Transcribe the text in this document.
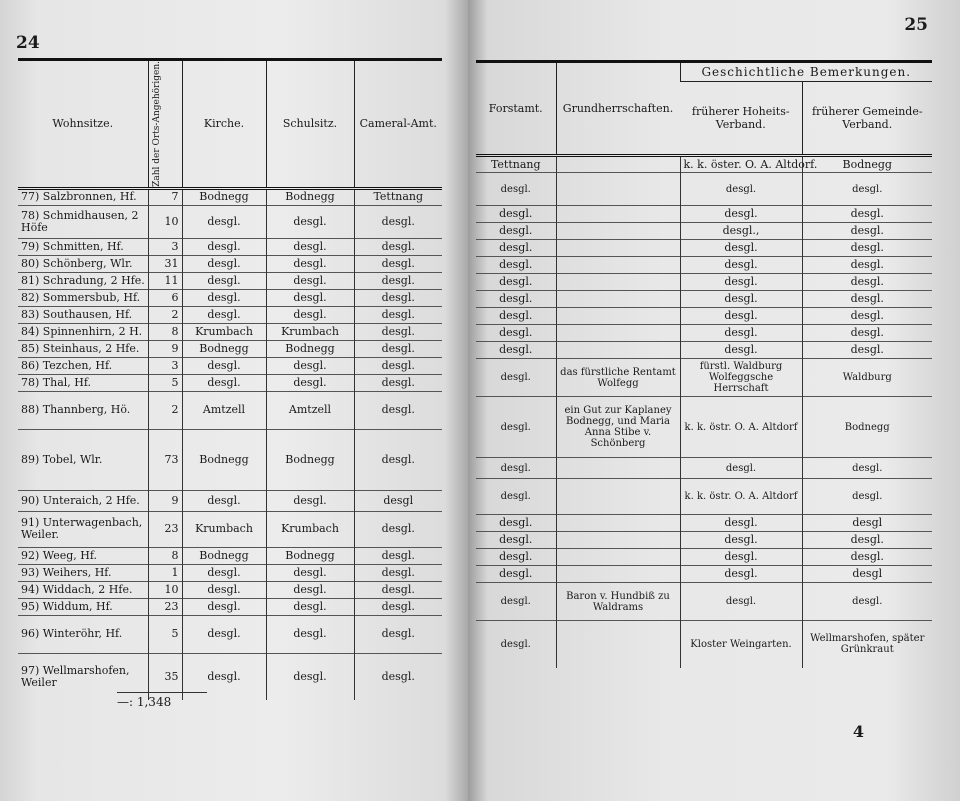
24
Wohnsitze.	Zahl der Orts-Angehörigen.	Kirche.	Schulsitz.	Cameral-Amt.
77) Salzbronnen, Hf.	7	Bodnegg	Bodnegg	Tettnang
78) Schmidhausen, 2 Höfe	10	desgl.	desgl.	desgl.
79) Schmitten, Hf.	3	desgl.	desgl.	desgl.
80) Schönberg, Wlr.	31	desgl.	desgl.	desgl.
81) Schradung, 2 Hfe.	11	desgl.	desgl.	desgl.
82) Sommersbub, Hf.	6	desgl.	desgl.	desgl.
83) Southausen, Hf.	2	desgl.	desgl.	desgl.
84) Spinnenhirn, 2 H.	8	Krumbach	Krumbach	desgl.
85) Steinhaus, 2 Hfe.	9	Bodnegg	Bodnegg	desgl.
86) Tezchen, Hf.	3	desgl.	desgl.	desgl.
78) Thal, Hf.	5	desgl.	desgl.	desgl.
88) Thannberg, Hö.	2	Amtzell	Amtzell	desgl.
89) Tobel, Wlr.	73	Bodnegg	Bodnegg	desgl.
90) Unteraich, 2 Hfe.	9	desgl.	desgl.	desgl
91) Unterwagenbach, Weiler.	23	Krumbach	Krumbach	desgl.
92) Weeg, Hf.	8	Bodnegg	Bodnegg	desgl.
93) Weihers, Hf.	1	desgl.	desgl.	desgl.
94) Widdach, 2 Hfe.	10	desgl.	desgl.	desgl.
95) Widdum, Hf.	23	desgl.	desgl.	desgl.
96) Winteröhr, Hf.	5	desgl.	desgl.	desgl.
97) Wellmarshofen, Weiler	35	desgl.	desgl.	desgl.
—: 1,348
25
Forstamt.	Grundherrschaften.	Geschichtliche Bemerkungen.	
		früherer Hoheits-Verband.	früherer Gemeinde-Verband.
Tettnang		k. k. öster. O. A. Altdorf.	Bodnegg
desgl.		desgl.	desgl.
desgl.		desgl.	desgl.
desgl.		desgl.,	desgl.
desgl.		desgl.	desgl.
desgl.		desgl.	desgl.
desgl.		desgl.	desgl.
desgl.		desgl.	desgl.
desgl.		desgl.	desgl.
desgl.		desgl.	desgl.
desgl.		desgl.	desgl.
desgl.	das fürstliche Rentamt Wolfegg	fürstl. Waldburg Wolfeggsche Herrschaft	Waldburg
desgl.	ein Gut zur Kaplaney Bodnegg, und Maria Anna Stibe v. Schönberg	k. k. östr. O. A. Altdorf	Bodnegg
desgl.		desgl.	desgl.
desgl.		k. k. östr. O. A. Altdorf	desgl.
desgl.		desgl.	desgl
desgl.		desgl.	desgl.
desgl.		desgl.	desgl.
desgl.		desgl.	desgl
desgl.	Baron v. Hundbiß zu Waldrams	desgl.	desgl.
desgl.		Kloster Weingarten.	Wellmarshofen, später Grünkraut
4
